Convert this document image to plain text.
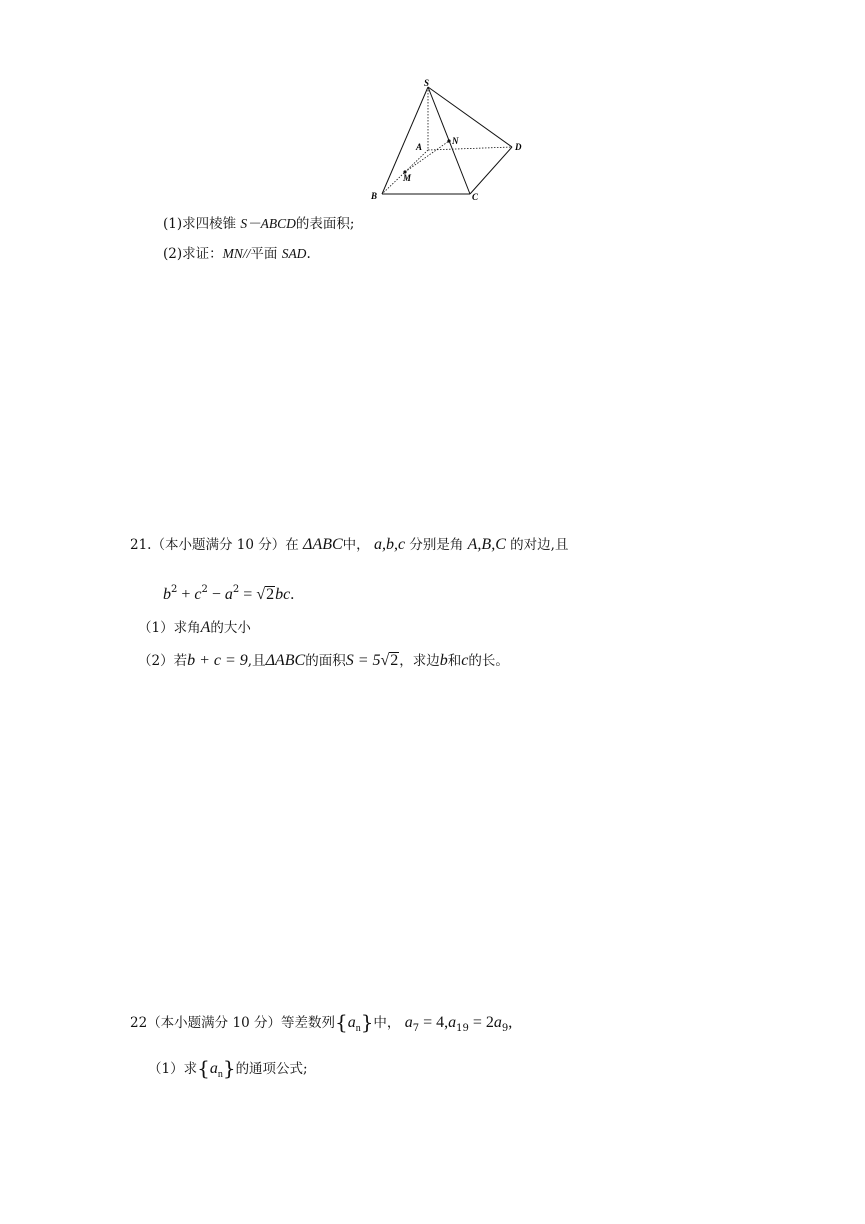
S
A
B	C
D
M
N
(1)求四棱锥 S－ABCD的表面积;
(2)求证：MN//平面 SAD.
21.（本小题满分 10 分）在 ΔABC中， a,b,c 分别是角 A,B,C 的对边,且
$b^2 + c^2 - a^2 = √2bc$.
（1）求角A的大小
（2）若b + c = 9,且ΔABC的面积S = 5√2，求边b和c的长。
22（本小题满分 10 分）等差数列$\{a_n\}$中， $a_7 = 4,a_{19} = 2a_9$,
（1）求$\{a_n\}$的通项公式;
